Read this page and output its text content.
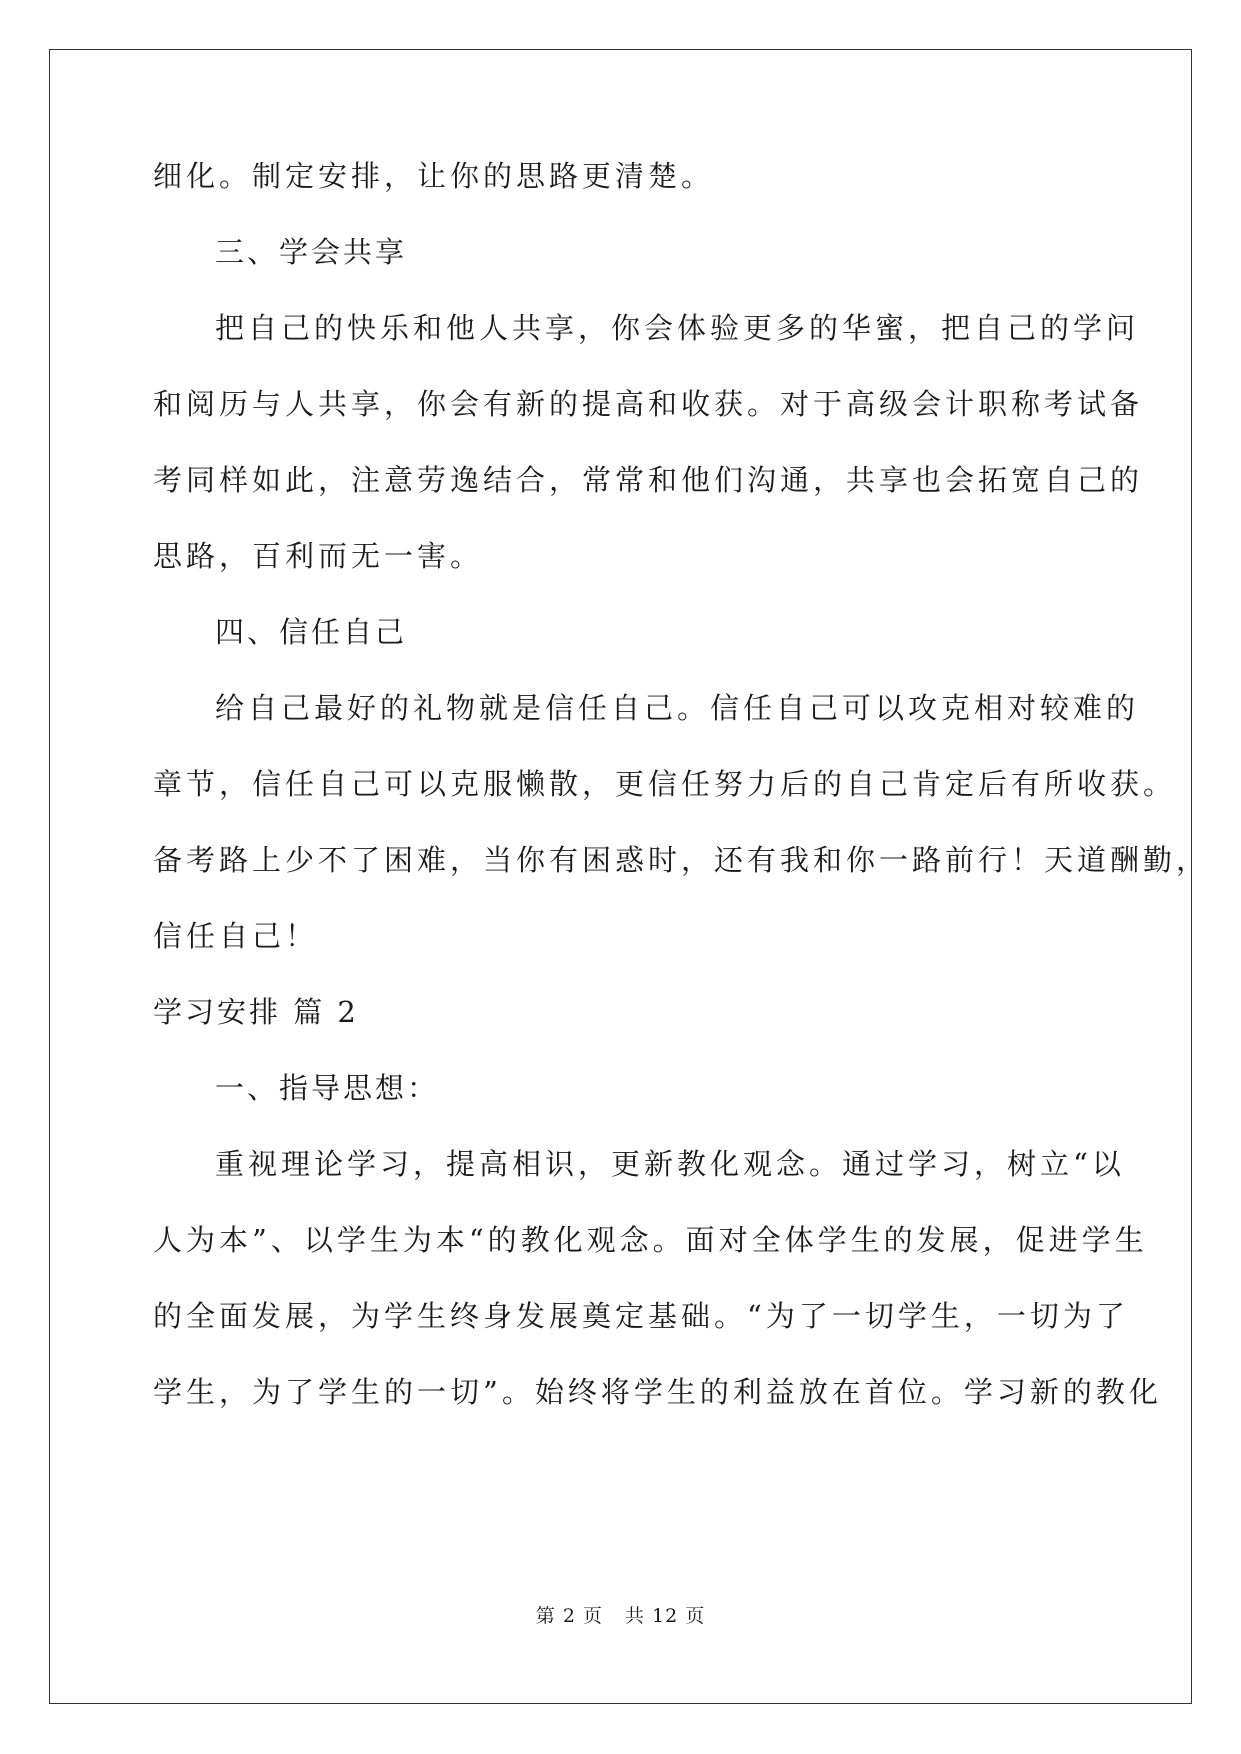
细化。制定安排，让你的思路更清楚。
三、学会共享
把自己的快乐和他人共享，你会体验更多的华蜜，把自己的学问
和阅历与人共享，你会有新的提高和收获。对于高级会计职称考试备
考同样如此，注意劳逸结合，常常和他们沟通，共享也会拓宽自己的
思路，百利而无一害。
四、信任自己
给自己最好的礼物就是信任自己。信任自己可以攻克相对较难的
章节，信任自己可以克服懒散，更信任努力后的自己肯定后有所收获。
备考路上少不了困难，当你有困惑时，还有我和你一路前行！天道酬勤，
信任自己！
学习安排 篇 2
一、指导思想：
重视理论学习，提高相识，更新教化观念。通过学习，树立“以
人为本”、以学生为本“的教化观念。面对全体学生的发展，促进学生
的全面发展，为学生终身发展奠定基础。“为了一切学生，一切为了
学生，为了学生的一切”。始终将学生的利益放在首位。学习新的教化
第 2 页 共 12 页
